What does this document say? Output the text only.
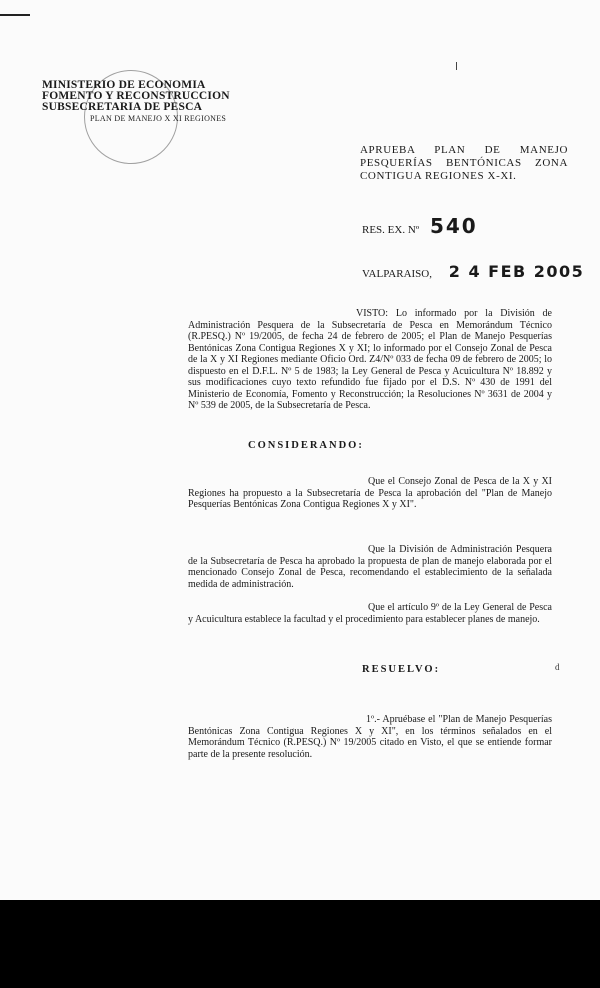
MINISTERIO DE ECONOMIA
FOMENTO Y RECONSTRUCCION
SUBSECRETARIA DE PESCA
PLAN DE MANEJO X XI REGIONES
APRUEBA PLAN DE MANEJO PESQUERÍAS BENTÓNICAS ZONA CONTIGUA REGIONES X-XI.
RES. EX. Nº 540
VALPARAISO, 2 4 FEB 2005
VISTO: Lo informado por la División de Administración Pesquera de la Subsecretaría de Pesca en Memorándum Técnico (R.PESQ.) Nº 19/2005, de fecha 24 de febrero de 2005; el Plan de Manejo Pesquerías Bentónicas Zona Contigua Regiones X y XI; lo informado por el Consejo Zonal de Pesca de la X y XI Regiones mediante Oficio Ord. Z4/Nº 033 de fecha 09 de febrero de 2005; lo dispuesto en el D.F.L. Nº 5 de 1983; la Ley General de Pesca y Acuicultura Nº 18.892 y sus modificaciones cuyo texto refundido fue fijado por el D.S. Nº 430 de 1991 del Ministerio de Economía, Fomento y Reconstrucción; la Resoluciones Nº 3631 de 2004 y Nº 539 de 2005, de la Subsecretaría de Pesca.
CONSIDERANDO:
Que el Consejo Zonal de Pesca de la X y XI Regiones ha propuesto a la Subsecretaría de Pesca la aprobación del "Plan de Manejo Pesquerías Bentónicas Zona Contigua Regiones X y XI".
Que la División de Administración Pesquera de la Subsecretaría de Pesca ha aprobado la propuesta de plan de manejo elaborada por el mencionado Consejo Zonal de Pesca, recomendando el establecimiento de la señalada medida de administración.
Que el artículo 9º de la Ley General de Pesca y Acuicultura establece la facultad y el procedimiento para establecer planes de manejo.
RESUELVO:	d
1º.- Apruébase el "Plan de Manejo Pesquerías Bentónicas Zona Contigua Regiones X y XI", en los términos señalados en el Memorándum Técnico (R.PESQ.) Nº 19/2005 citado en Visto, el que se entiende formar parte de la presente resolución.
